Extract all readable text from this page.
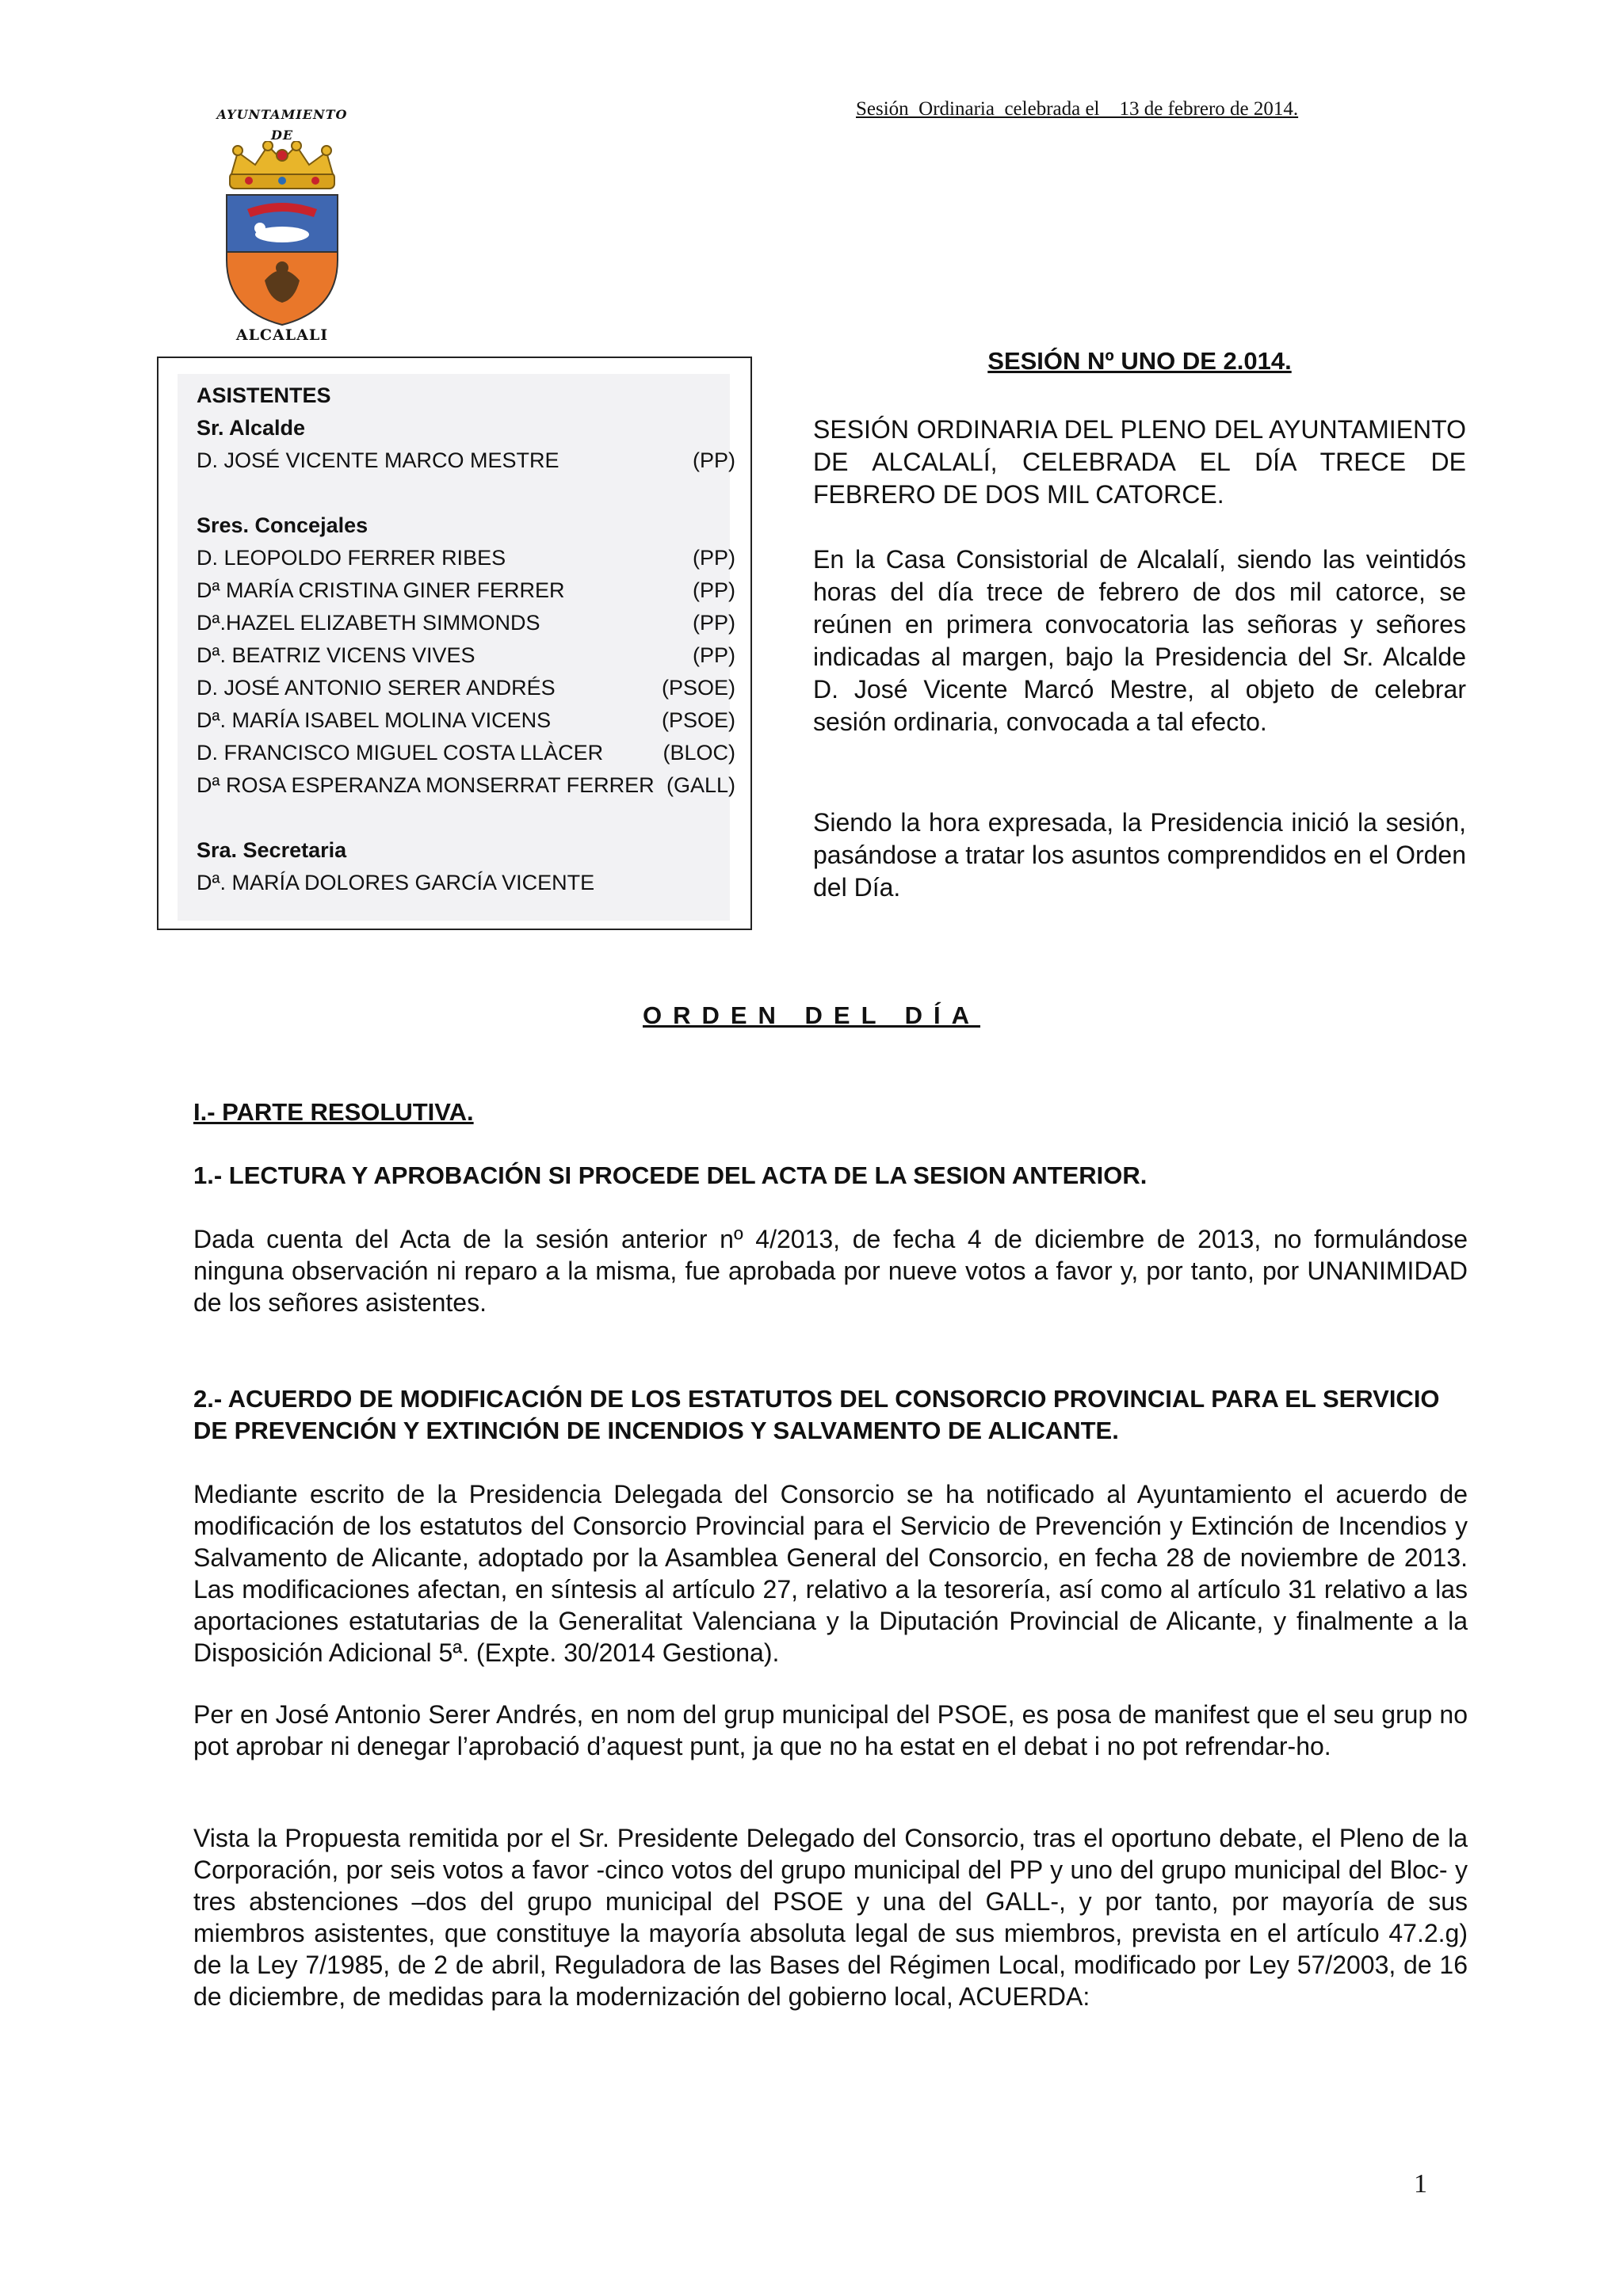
Sesión  Ordinaria  celebrada el    13 de febrero de 2014.
AYUNTAMIENTO
DE
ALCALALI
ASISTENTES
Sr. Alcalde
D. JOSÉ VICENTE MARCO MESTRE	(PP)
Sres. Concejales
D. LEOPOLDO FERRER RIBES	(PP)
Dª MARÍA CRISTINA GINER FERRER	(PP)
Dª.HAZEL ELIZABETH SIMMONDS	(PP)
Dª. BEATRIZ VICENS VIVES	(PP)
D. JOSÉ ANTONIO SERER ANDRÉS	(PSOE)
Dª. MARÍA ISABEL MOLINA VICENS	(PSOE)
D. FRANCISCO MIGUEL COSTA LLÀCER	(BLOC)
Dª ROSA ESPERANZA MONSERRAT FERRER (GALL)
Sra. Secretaria
Dª. MARÍA DOLORES GARCÍA VICENTE
SESIÓN Nº UNO DE 2.014.
SESIÓN ORDINARIA DEL PLENO DEL AYUNTAMIENTO DE ALCALALÍ, CELEBRADA EL DÍA TRECE DE FEBRERO DE DOS MIL CATORCE.
En la Casa Consistorial de Alcalalí, siendo las veintidós horas del día trece de febrero de dos mil catorce, se reúnen en primera convocatoria las señoras y señores indicadas al margen, bajo la Presidencia del Sr. Alcalde D. José Vicente Marcó Mestre, al objeto de celebrar sesión ordinaria, convocada a tal efecto.
Siendo la hora expresada, la Presidencia inició la sesión, pasándose a tratar los asuntos comprendidos en el Orden del Día.
ORDEN DEL DÍA
I.- PARTE RESOLUTIVA.
1.- LECTURA Y APROBACIÓN SI PROCEDE DEL ACTA DE LA SESION ANTERIOR.
Dada cuenta del Acta de la sesión anterior nº 4/2013, de fecha 4 de diciembre de 2013, no formulándose ninguna observación ni reparo a la misma, fue aprobada por nueve votos a favor y, por tanto, por UNANIMIDAD de los señores asistentes.
2.- ACUERDO DE MODIFICACIÓN DE LOS ESTATUTOS DEL CONSORCIO PROVINCIAL PARA EL SERVICIO DE PREVENCIÓN Y EXTINCIÓN DE INCENDIOS Y SALVAMENTO DE ALICANTE.
Mediante escrito de la Presidencia Delegada del Consorcio se ha notificado al Ayuntamiento el acuerdo de modificación de los estatutos del Consorcio Provincial para el Servicio de Prevención y Extinción de Incendios y Salvamento de Alicante, adoptado por la Asamblea General del Consorcio, en fecha 28 de noviembre de 2013. Las modificaciones afectan, en síntesis al artículo 27, relativo a la tesorería, así como al artículo 31 relativo a las aportaciones estatutarias de la Generalitat Valenciana y la Diputación Provincial de Alicante, y finalmente a la Disposición Adicional 5ª. (Expte. 30/2014 Gestiona).
Per en José Antonio Serer Andrés, en nom del grup municipal del PSOE, es posa de manifest que el seu grup no pot aprobar ni denegar l’aprobació d’aquest punt, ja que no ha estat en el debat i no pot refrendar-ho.
Vista la Propuesta remitida por el Sr. Presidente Delegado del Consorcio, tras el oportuno debate, el Pleno de la Corporación, por seis votos a favor -cinco votos del grupo municipal del PP y uno del grupo municipal del Bloc- y tres abstenciones –dos del grupo municipal del PSOE y una del GALL-, y por tanto, por mayoría de sus miembros asistentes, que constituye la mayoría absoluta legal de sus miembros, prevista en el artículo 47.2.g) de la Ley 7/1985, de 2 de abril, Reguladora de las Bases del Régimen Local, modificado por Ley 57/2003, de 16 de diciembre, de medidas para la modernización del gobierno local, ACUERDA:
1
